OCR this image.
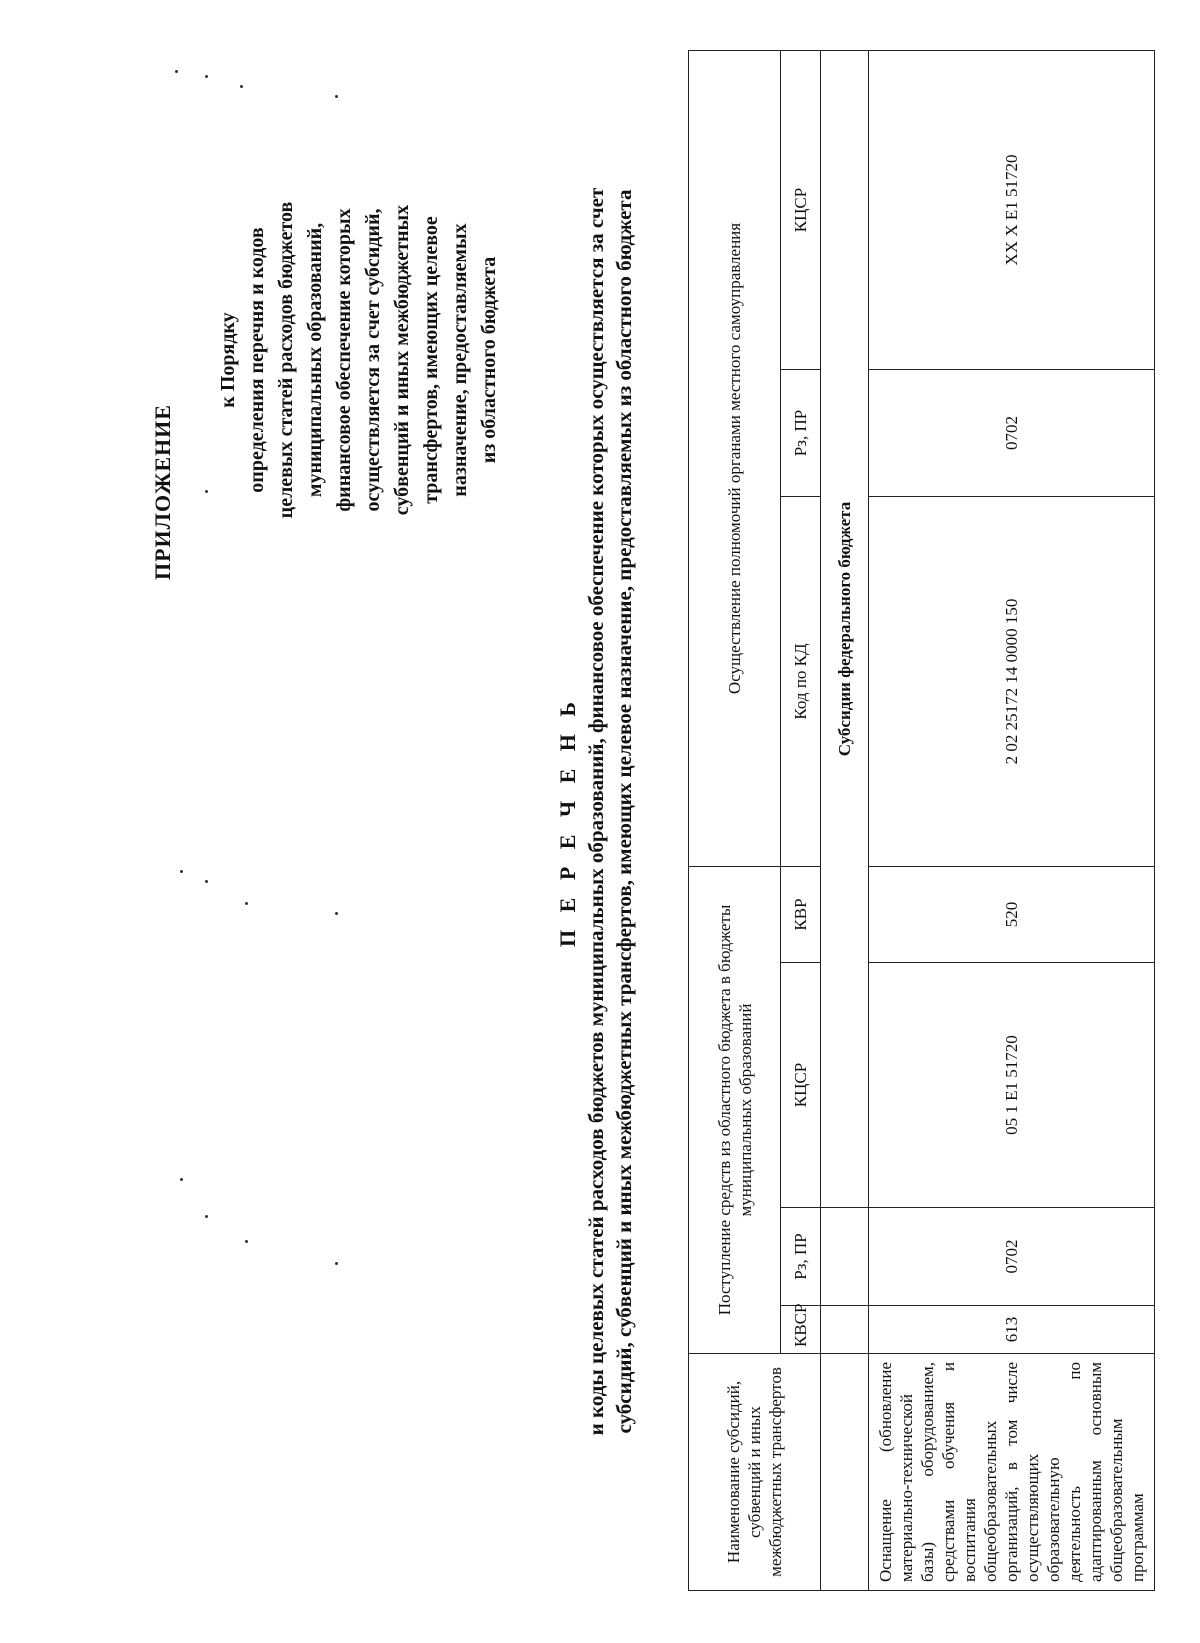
ПРИЛОЖЕНИЕ
к Порядку определения перечня и кодов целевых статей расходов бюджетов муниципальных образований, финансовое обеспечение которых осуществляется за счет субсидий, субвенций и иных межбюджетных трансфертов, имеющих целевое назначение, предоставляемых из областного бюджета
П Е Р Е Ч Е Н Ь и коды целевых статей расходов бюджетов муниципальных образований, финансовое обеспечение которых осуществляется за счет субсидий, субвенций и иных межбюджетных трансфертов, имеющих целевое назначение, предоставляемых из областного бюджета
Наименование субсидий, субвенций и иных межбюджетных трансфертов	Поступление средств из областного бюджета в бюджеты муниципальных образований				Осуществление полномочий органами местного самоуправления		
	КВСР	Рз, ПР	КЦСР	КВР	Код по КД	Рз, ПР	КЦСР
			Субсидии федерального бюджета				
Оснащение (обновление материально-технической базы) оборудованием, средствами обучения и воспитания общеобразовательных организаций, в том числе осуществляющих образовательную деятельность по адаптированным основным общеобразовательным программам	613	0702	05 1 E1 51720	520	2 02 25172 14 0000 150	0702	XX X E1 51720
